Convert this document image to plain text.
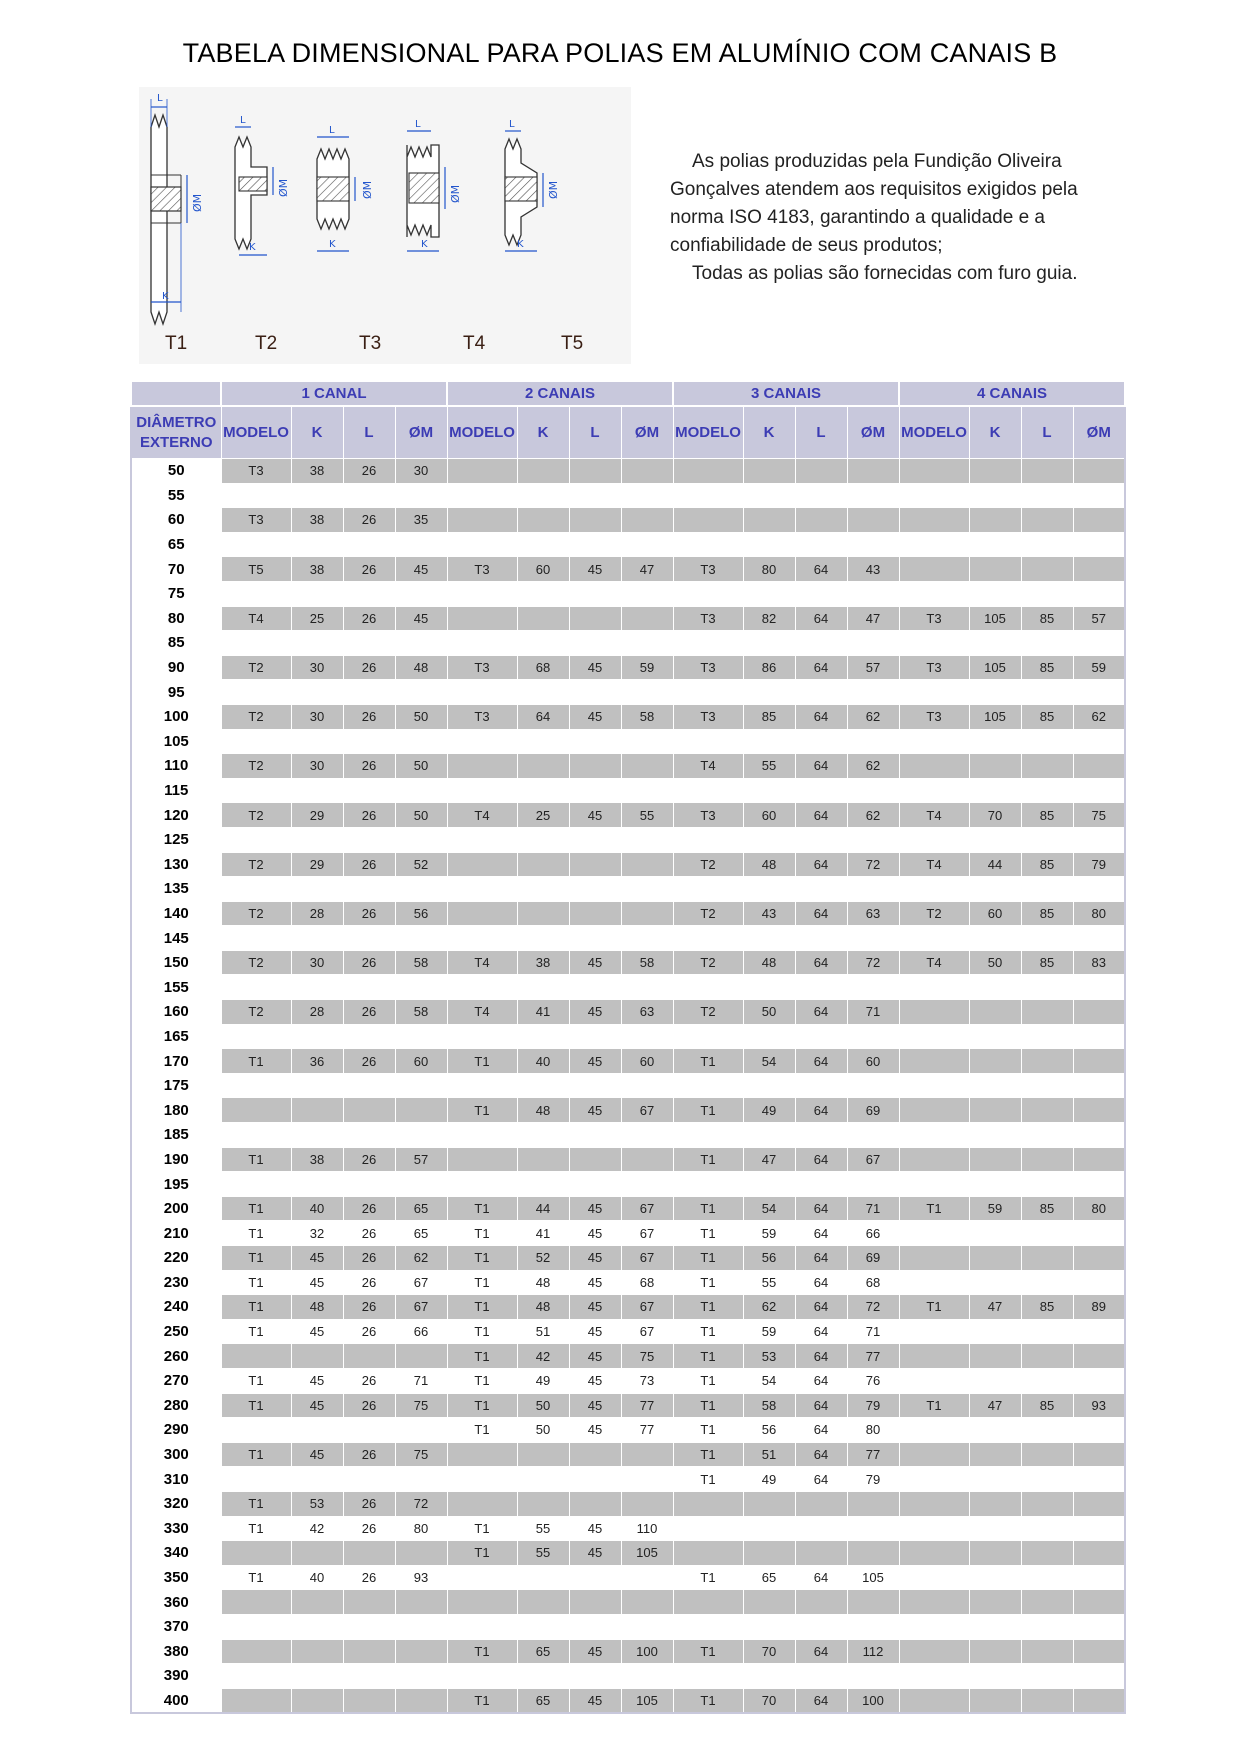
TABELA DIMENSIONAL PARA POLIAS EM ALUMÍNIO COM CANAIS B
L
K
ØM
L
K
ØM
L
K
ØM
L
K
ØM
L
K
ØM
T1	T2	T3	T4	T5

As polias produzidas pela Fundição Oliveira Gonçalves atendem aos requisitos exigidos pela norma ISO 4183, garantindo a qualidade e a confiabilidade de seus produtos;

Todas as polias são fornecidas com furo guia.

	1 CANAL				2 CANAIS				3 CANAIS				4 CANAIS			
DIÂMETRO EXTERNO	MODELO	K	L	ØM	MODELO	K	L	ØM	MODELO	K	L	ØM	MODELO	K	L	ØM
50	T3	38	26	30												
55																
60	T3	38	26	35												
65																
70	T5	38	26	45	T3	60	45	47	T3	80	64	43				
75																
80	T4	25	26	45					T3	82	64	47	T3	105	85	57
85																
90	T2	30	26	48	T3	68	45	59	T3	86	64	57	T3	105	85	59
95																
100	T2	30	26	50	T3	64	45	58	T3	85	64	62	T3	105	85	62
105																
110	T2	30	26	50					T4	55	64	62				
115																
120	T2	29	26	50	T4	25	45	55	T3	60	64	62	T4	70	85	75
125																
130	T2	29	26	52					T2	48	64	72	T4	44	85	79
135																
140	T2	28	26	56					T2	43	64	63	T2	60	85	80
145																
150	T2	30	26	58	T4	38	45	58	T2	48	64	72	T4	50	85	83
155																
160	T2	28	26	58	T4	41	45	63	T2	50	64	71				
165																
170	T1	36	26	60	T1	40	45	60	T1	54	64	60				
175																
180					T1	48	45	67	T1	49	64	69				
185																
190	T1	38	26	57					T1	47	64	67				
195																
200	T1	40	26	65	T1	44	45	67	T1	54	64	71	T1	59	85	80
210	T1	32	26	65	T1	41	45	67	T1	59	64	66				
220	T1	45	26	62	T1	52	45	67	T1	56	64	69				
230	T1	45	26	67	T1	48	45	68	T1	55	64	68				
240	T1	48	26	67	T1	48	45	67	T1	62	64	72	T1	47	85	89
250	T1	45	26	66	T1	51	45	67	T1	59	64	71				
260					T1	42	45	75	T1	53	64	77				
270	T1	45	26	71	T1	49	45	73	T1	54	64	76				
280	T1	45	26	75	T1	50	45	77	T1	58	64	79	T1	47	85	93
290					T1	50	45	77	T1	56	64	80				
300	T1	45	26	75					T1	51	64	77				
310									T1	49	64	79				
320	T1	53	26	72												
330	T1	42	26	80	T1	55	45	110								
340					T1	55	45	105								
350	T1	40	26	93					T1	65	64	105				
360																
370																
380					T1	65	45	100	T1	70	64	112				
390																
400					T1	65	45	105	T1	70	64	100				
